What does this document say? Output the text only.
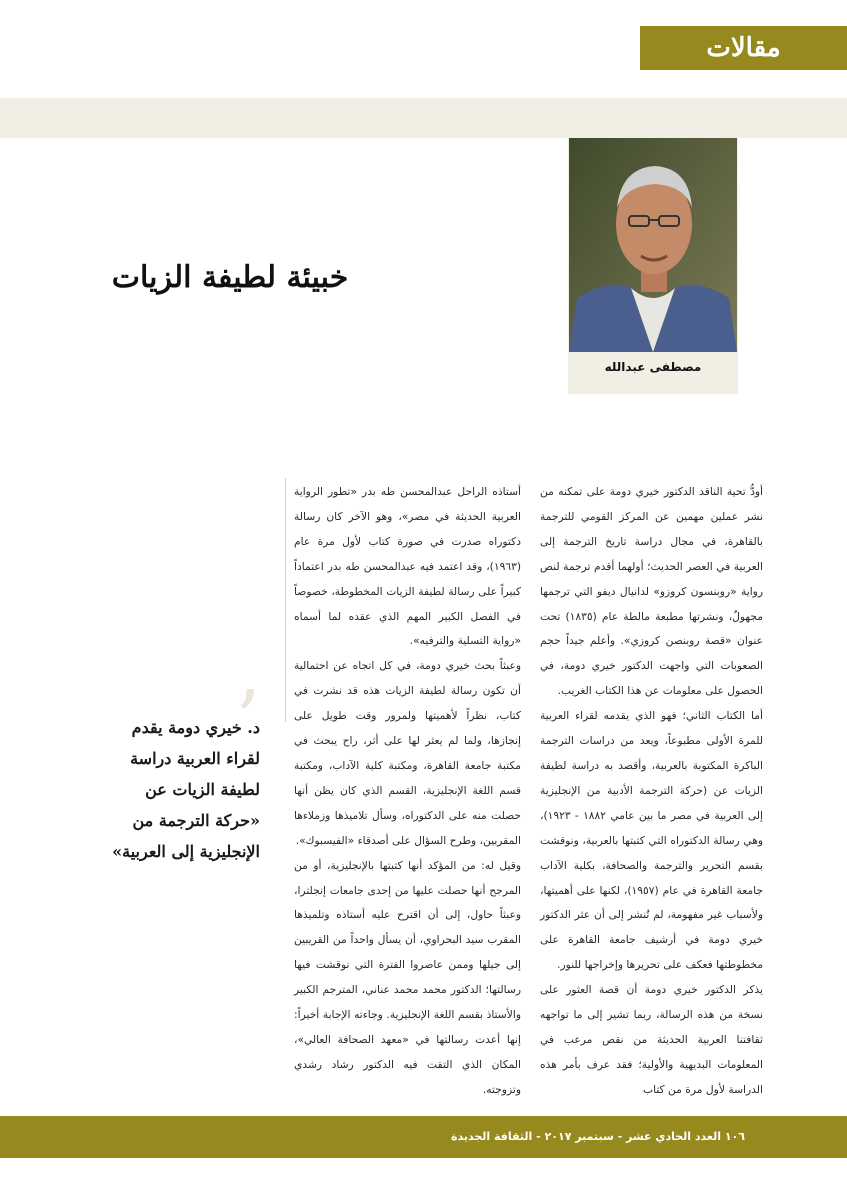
مقالات
مصطفى عبدالله
خبيئة لطيفة الزيات
’
د. خيري دومة يقدم لقراء العربية دراسة لطيفة الزيات عن «حركة الترجمة من الإنجليزية إلى العربية»

أودُّ تحية الناقد الدكتور خيري دومة على تمكنه من نشر عملين مهمين عن المركز القومي للترجمة بالقاهرة، في مجال دراسة تاريخ الترجمة إلى العربية في العصر الحديث؛ أولهما أقدم ترجمة لنص رواية «روبنسون كروزو» لدانيال ديفو التي ترجمها مجهولٌ، ونشرتها مطبعة مالطة عام (١٨٣٥) تحت عنوان «قصة روبنصن كروزي». وأعلم جيداً حجم الصعوبات التي واجهت الدكتور خيري دومة، في الحصول على معلومات عن هذا الكتاب الغريب.

أما الكتاب الثاني؛ فهو الذي يقدمه لقراء العربية للمرة الأولى مطبوعاً، ويعد من دراسات الترجمة الباكرة المكتوبة بالعربية، وأقصد به دراسة لطيفة الزيات عن (حركة الترجمة الأدبية من الإنجليزية إلى العربية في مصر ما بين عامي ١٨٨٢ - ١٩٢٣)، وهي رسالة الدكتوراه التي كتبتها بالعربية، ونوقشت بقسم التحرير والترجمة والصحافة، بكلية الآداب جامعة القاهرة في عام (١٩٥٧)، لكنها على أهميتها، ولأسباب غير مفهومة، لم تُنشر إلى أن عثر الدكتور خيري دومة في أرشيف جامعة القاهرة على مخطوطتها فعكف على تحريرها وإخراجها للنور.

يذكر الدكتور خيري دومة أن قصة العثور على نسخة من هذه الرسالة، ربما تشير إلى ما تواجهه ثقافتنا العربية الحديثة من نقص مرعب في المعلومات البديهية والأولية؛ فقد عرف بأمر هذه الدراسة لأول مرة من كتاب

أستاذه الراحل عبدالمحسن طه بدر «تطور الرواية العربية الحديثة في مصر»، وهو الآخر كان رسالة دكتوراه صدرت في صورة كتاب لأول مرة عام (١٩٦٣)، وقد اعتمد فيه عبدالمحسن طه بدر اعتماداً كبيراً على رسالة لطيفة الزيات المخطوطة، خصوصاً في الفصل الكبير المهم الذي عقده لما أسماه «رواية التسلية والترفيه».

وعبثاً بحث خيري دومة، في كل اتجاه عن احتمالية أن تكون رسالة لطيفة الزيات هذه قد نشرت في كتاب، نظراً لأهميتها ولمرور وقت طويل على إنجازها، ولما لم يعثر لها على أثر، راح يبحث في مكتبة جامعة القاهرة، ومكتبة كلية الآداب، ومكتبة قسم اللغة الإنجليزية، القسم الذي كان يظن أنها حصلت منه على الدكتوراه، وسأل تلاميذها وزملاءها المقربين، وطرح السؤال على أصدقاء «الفيسبوك».

وقيل له: من المؤكد أنها كتبتها بالإنجليزية، أو من المرجح أنها حصلت عليها من إحدى جامعات إنجلترا، وعبثاً حاول، إلى أن اقترح عليه أستاذه وتلميذها المقرب سيد البحراوي، أن يسأل واحداً من القريبين إلى جيلها وممن عاصروا الفترة التي نوقشت فيها رسالتها؛ الدكتور محمد محمد عناني، المترجم الكبير والأستاذ بقسم اللغة الإنجليزية. وجاءته الإجابة أخيراً: إنها أعدت رسالتها في «معهد الصحافة العالي»، المكان الذي التقت فيه الدكتور رشاد رشدي وتزوجته.

١٠٦ العدد الحادي عشر - سبتمبر ٢٠١٧ - الثقافة الجديدة
